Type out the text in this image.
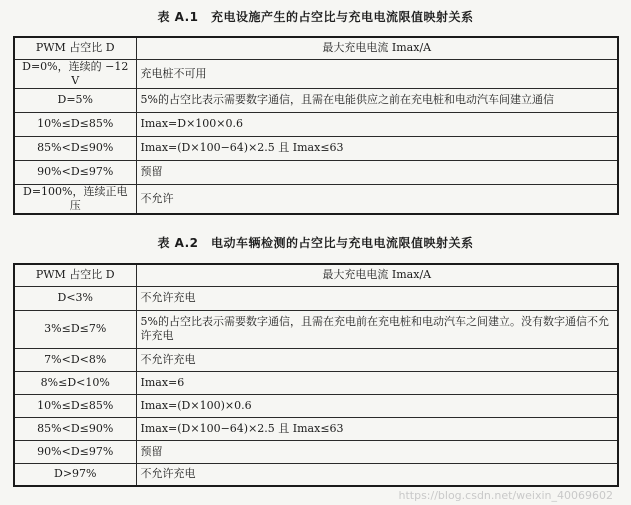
表 A.1　充电设施产生的占空比与充电电流限值映射关系
PWM 占空比 D	最大充电电流 Imax/A
D=0%，连续的 −12 V	充电桩不可用
D=5%	5%的占空比表示需要数字通信，且需在电能供应之前在充电桩和电动汽车间建立通信
10%≤D≤85%	Imax=D×100×0.6
85%<D≤90%	Imax=(D×100−64)×2.5 且 Imax≤63
90%<D≤97%	预留
D=100%，连续正电压	不允许
表 A.2　电动车辆检测的占空比与充电电流限值映射关系
PWM 占空比 D	最大充电电流 Imax/A
D<3%	不允许充电
3%≤D≤7%	5%的占空比表示需要数字通信，且需在充电前在充电桩和电动汽车之间建立。没有数字通信不允许充电
7%<D<8%	不允许充电
8%≤D<10%	Imax=6
10%≤D≤85%	Imax=(D×100)×0.6
85%<D≤90%	Imax=(D×100−64)×2.5 且 Imax≤63
90%<D≤97%	预留
D>97%	不允许充电
https://blog.csdn.net/weixin_40069602
